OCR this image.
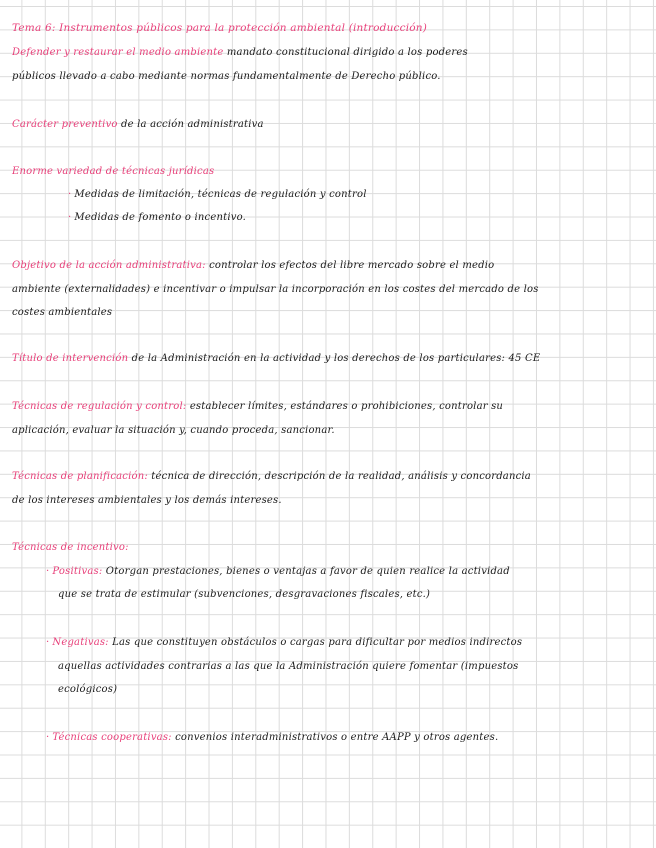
Tema 6: Instrumentos públicos para la protección ambiental (introducción)
Defender y restaurar el medio ambiente mandato constitucional dirigido a los poderes
públicos llevado a cabo mediante normas fundamentalmente de Derecho público.
Carácter preventivo de la acción administrativa
Enorme variedad de técnicas jurídicas
· Medidas de limitación, técnicas de regulación y control
· Medidas de fomento o incentivo.
Objetivo de la acción administrativa: controlar los efectos del libre mercado sobre el medio
ambiente (externalidades) e incentivar o impulsar la incorporación en los costes del mercado de los
costes ambientales
Título de intervención de la Administración en la actividad y los derechos de los particulares: 45 CE
Técnicas de regulación y control: establecer límites, estándares o prohibiciones, controlar su
aplicación, evaluar la situación y, cuando proceda, sancionar.
Técnicas de planificación: técnica de dirección, descripción de la realidad, análisis y concordancia
de los intereses ambientales y los demás intereses.
Técnicas de incentivo:
· Positivas: Otorgan prestaciones, bienes o ventajas a favor de quien realice la actividad
que se trata de estimular (subvenciones, desgravaciones fiscales, etc.)
· Negativas: Las que constituyen obstáculos o cargas para dificultar por medios indirectos
aquellas actividades contrarias a las que la Administración quiere fomentar (impuestos
ecológicos)
· Técnicas cooperativas: convenios interadministrativos o entre AAPP y otros agentes.
